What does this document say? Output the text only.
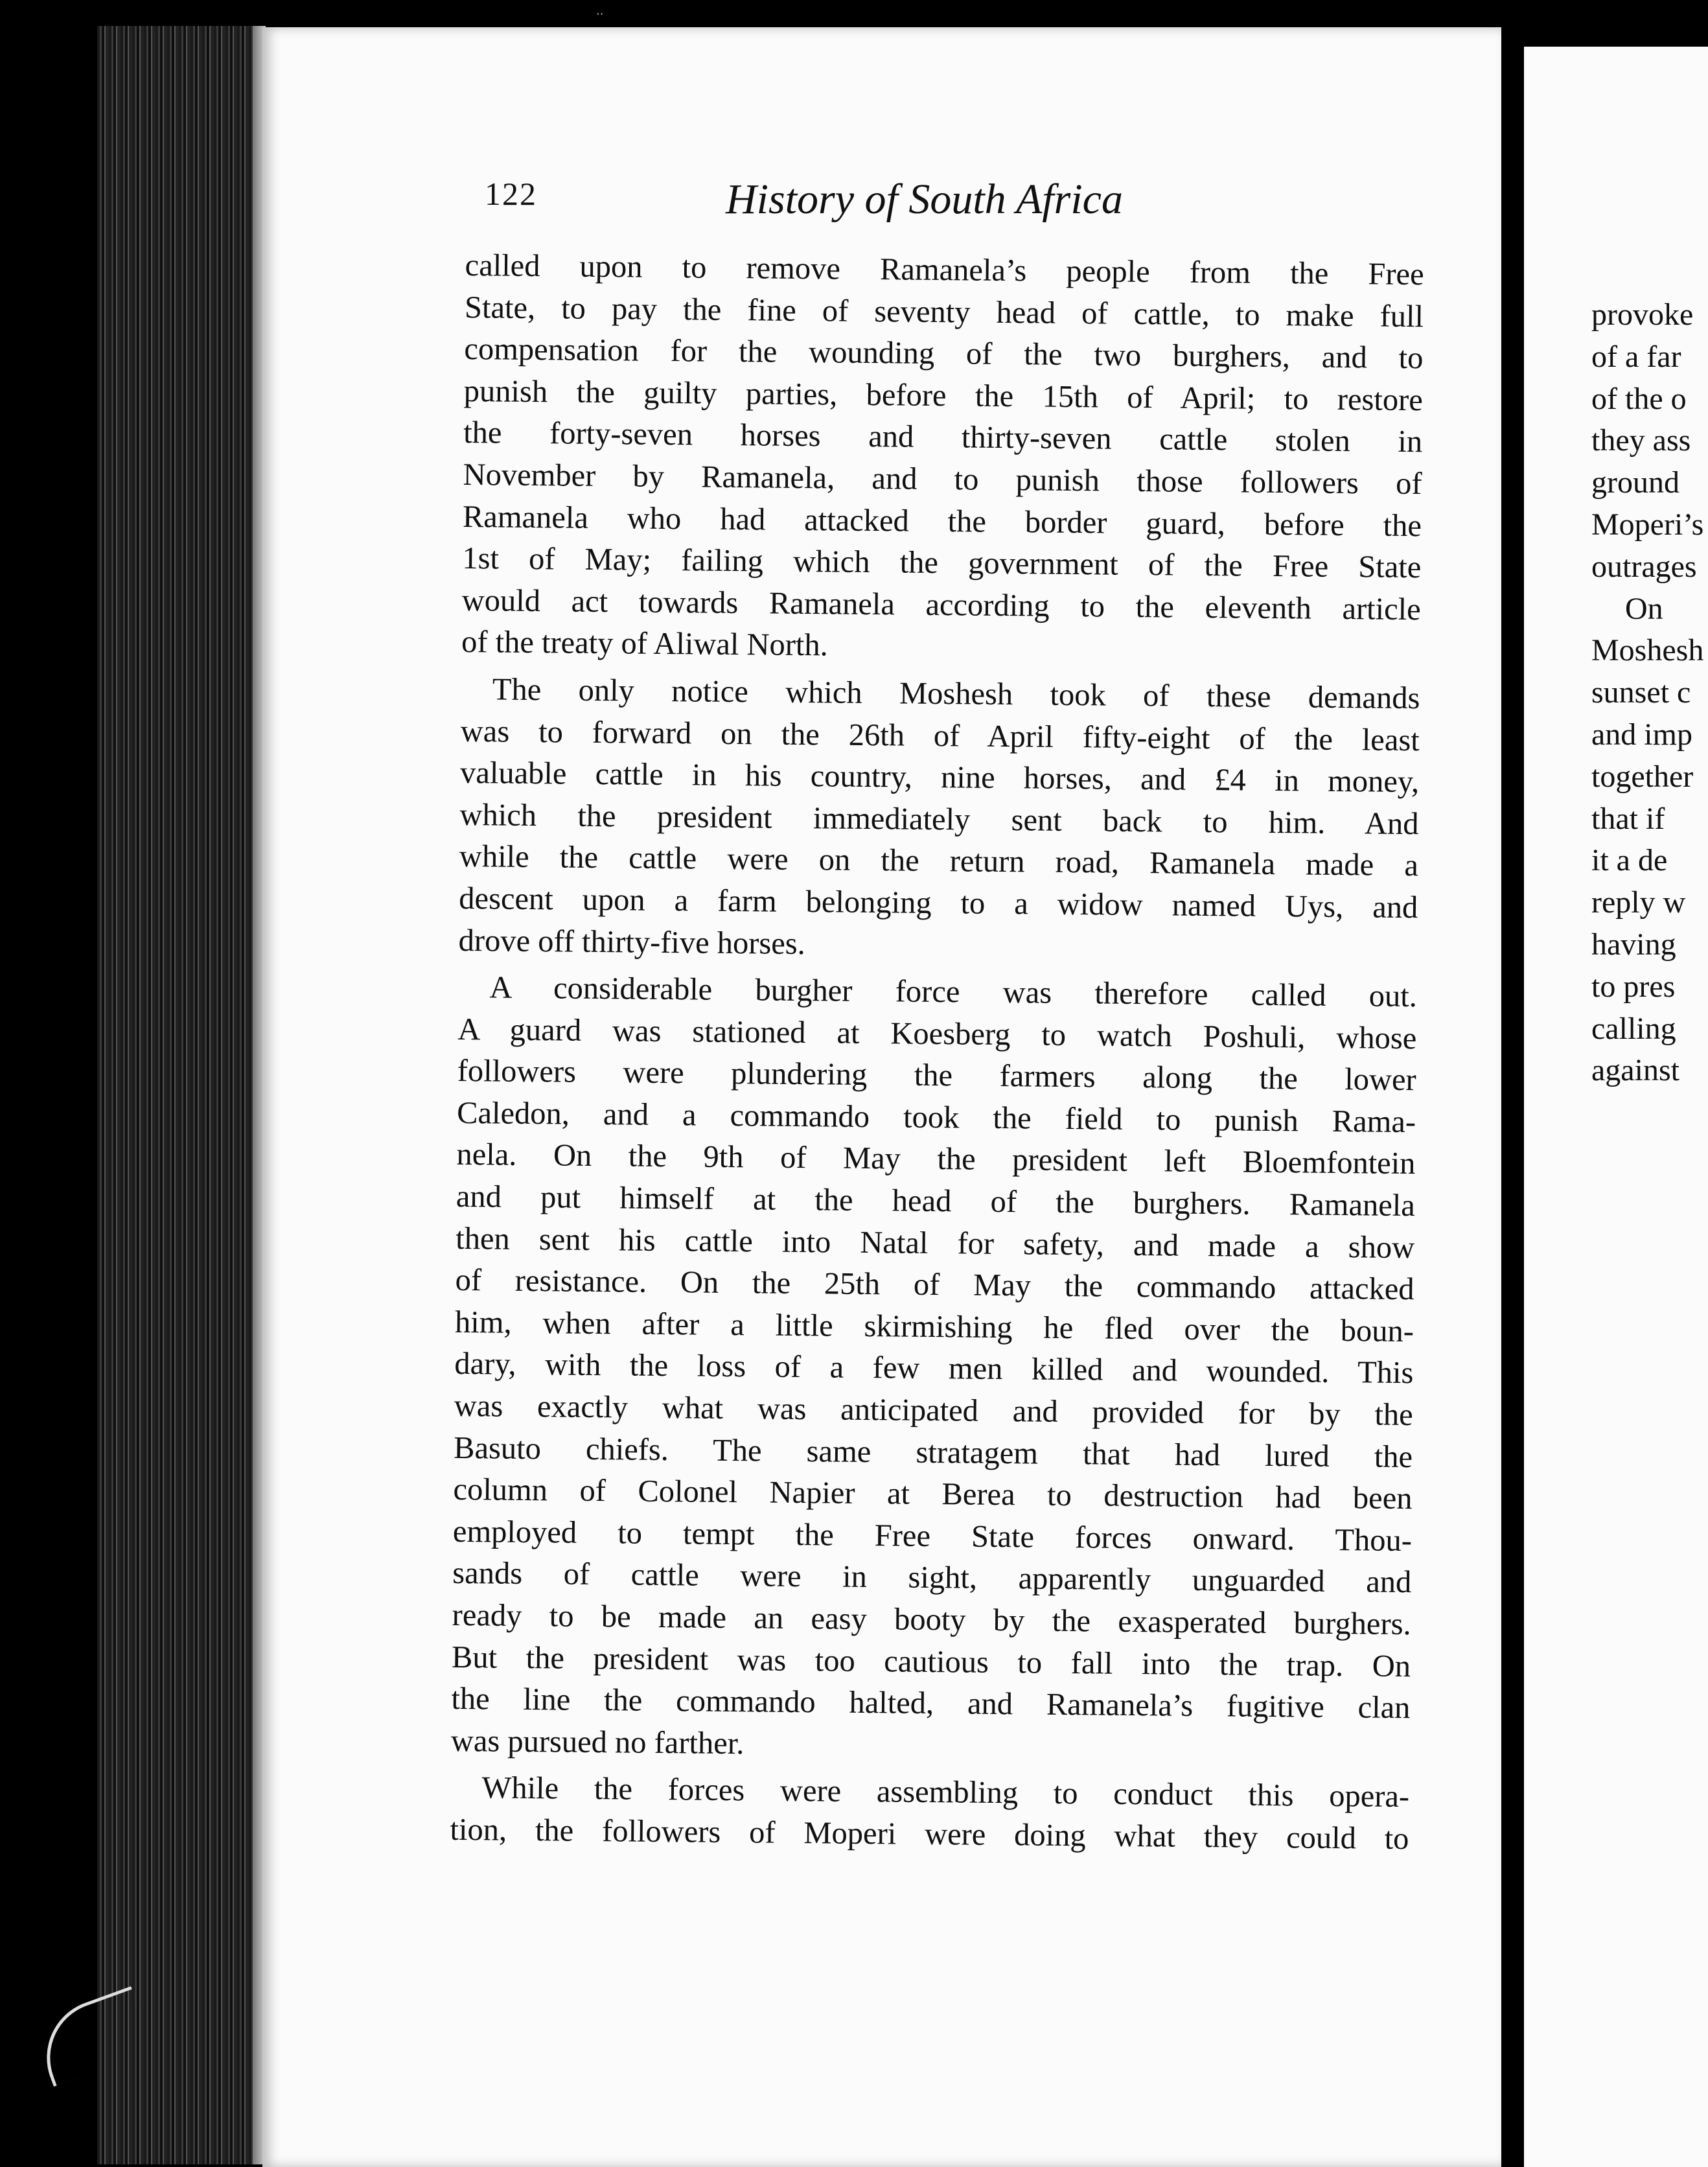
‧‧
provoke
of a far
of the o
they ass
ground
Moperi’s
outrages
On
Moshesh
sunset c
and imp
together
that if
it a de
reply w
having
to pres
calling
against
122	History of South Africa
called upon to remove Ramanela’s people from the Free
State, to pay the fine of seventy head of cattle, to make full
compensation for the wounding of the two burghers, and to
punish the guilty parties, before the 15th of April; to restore
the forty-seven horses and thirty-seven cattle stolen in
November by Ramanela, and to punish those followers of
Ramanela who had attacked the border guard, before the
1st of May; failing which the government of the Free State
would act towards Ramanela according to the eleventh article
of the treaty of Aliwal North.
 The only notice which Moshesh took of these demands
was to forward on the 26th of April fifty-eight of the least
valuable cattle in his country, nine horses, and £4 in money,
which the president immediately sent back to him. And
while the cattle were on the return road, Ramanela made a
descent upon a farm belonging to a widow named Uys, and
drove off thirty-five horses.
 A considerable burgher force was therefore called out.
A guard was stationed at Koesberg to watch Poshuli, whose
followers were plundering the farmers along the lower
Caledon, and a commando took the field to punish Rama-
nela. On the 9th of May the president left Bloemfontein
and put himself at the head of the burghers. Ramanela
then sent his cattle into Natal for safety, and made a show
of resistance. On the 25th of May the commando attacked
him, when after a little skirmishing he fled over the boun-
dary, with the loss of a few men killed and wounded. This
was exactly what was anticipated and provided for by the
Basuto chiefs. The same stratagem that had lured the
column of Colonel Napier at Berea to destruction had been
employed to tempt the Free State forces onward. Thou-
sands of cattle were in sight, apparently unguarded and
ready to be made an easy booty by the exasperated burghers.
But the president was too cautious to fall into the trap. On
the line the commando halted, and Ramanela’s fugitive clan
was pursued no farther.
 While the forces were assembling to conduct this opera-
tion, the followers of Moperi were doing what they could to
